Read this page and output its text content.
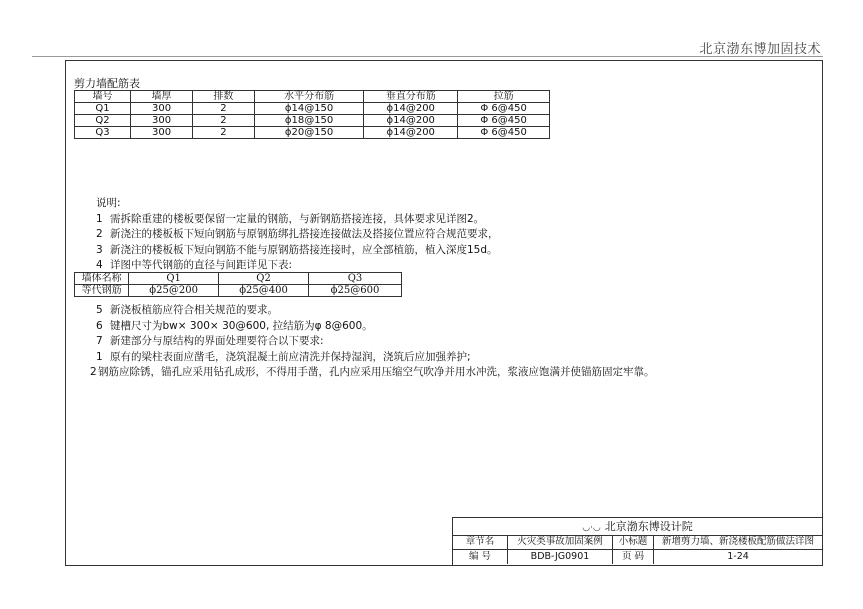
北京渤东博加固技术
剪力墙配筋表
墙号	墙厚	排数	水平分布筋	垂直分布筋	拉筋
Q1	300	2	ϕ14@150	ϕ14@200	Φ 6@450
Q2	300	2	ϕ18@150	ϕ14@200	Φ 6@450
Q3	300	2	ϕ20@150	ϕ14@200	Φ 6@450

说明:

1 需拆除重建的楼板要保留一定量的钢筋，与新钢筋搭接连接，具体要求见详图2。

2 新浇注的楼板板下短向钢筋与原钢筋绑扎搭接连接做法及搭接位置应符合规范要求，

3 新浇注的楼板板下短向钢筋不能与原钢筋搭接连接时，应全部植筋，植入深度15d。

4 详图中等代钢筋的直径与间距详见下表:

墙体名称	Q1	Q2	Q3
等代钢筋	ϕ25@200	ϕ25@400	ϕ25@600

5 新浇板植筋应符合相关规范的要求。

6 键槽尺寸为bw× 300× 30@600, 拉结筋为φ 8@600。

7 新建部分与原结构的界面处理要符合以下要求:

1 原有的梁柱表面应凿毛，浇筑混凝土前应清洗并保持湿润，浇筑后应加强养护;

2钢筋应除锈，锚孔应采用钻孔成形，不得用手凿，孔内应采用压缩空气吹净并用水冲洗，浆液应饱满并使锚筋固定牢靠。

◡·◡ 北京渤东博设计院
章节名	火灾类事故加固案例	小标题	新增剪力墙、新浇楼板配筋做法详图
编 号	BDB-JG0901	页 码	1-24
